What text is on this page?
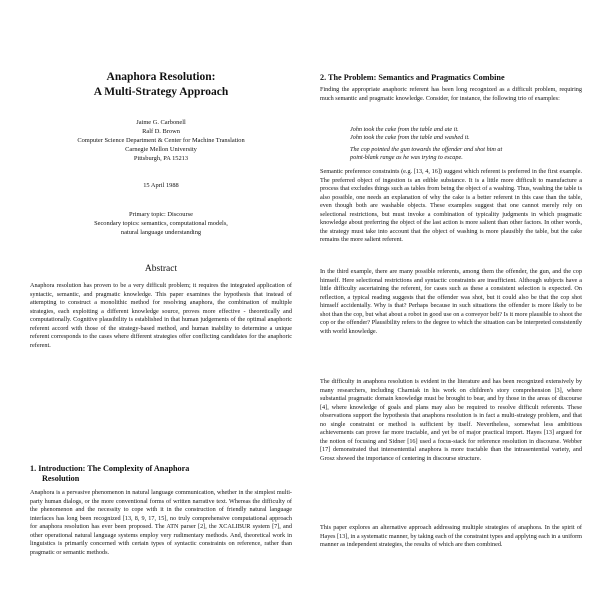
Anaphora Resolution:
A Multi-Strategy Approach
Jaime G. Carbonell
Ralf D. Brown
Computer Science Department & Center for Machine Translation
Carnegie Mellon University
Pittsburgh, PA 15213
15 April 1988
Primary topic: Discourse
Secondary topics: semantics, computational models,
natural language understanding
Abstract

Anaphora resolution has proven to be a very difficult problem; it requires the integrated application of syntactic, semantic, and pragmatic knowledge. This paper examines the hypothesis that instead of attempting to construct a monolithic method for resolving anaphora, the combination of multiple strategies, each exploiting a different knowledge source, proves more effective - theoretically and computationally. Cognitive plausibility is established in that human judgements of the optimal anaphoric referent accord with those of the strategy-based method, and human inability to determine a unique referent corresponds to the cases where different strategies offer conflicting candidates for the anaphoric referent.

1. Introduction: The Complexity of Anaphora
Resolution

Anaphora is a pervasive phenomenon in natural language communication, whether in the simplest multi-party human dialogs, or the more conventional forms of written narrative text. Whereas the difficulty of the phenomenon and the necessity to cope with it in the construction of friendly natural language interfaces has long been recognized [13, 8, 9, 17, 15], no truly comprehensive computational approach for anaphora resolution has ever been proposed. The ATN parser [2], the XCALIBUR system [7], and other operational natural language systems employ very rudimentary methods. And, theoretical work in linguistics is primarily concerned with certain types of syntactic constraints on reference, rather than pragmatic or semantic methods.

2. The Problem: Semantics and Pragmatics Combine

Finding the appropriate anaphoric referent has been long recognized as a difficult problem, requiring much semantic and pragmatic knowledge. Consider, for instance, the following trio of examples:

John took the cake from the table and ate it.
John took the cake from the table and washed it.
The cop pointed the gun towards the offender and shot him at
point-blank range as he was trying to escape.

Semantic preference constraints (e.g. [13, 4, 16]) suggest which referent is preferred in the first example. The preferred object of ingestion is an edible substance. It is a little more difficult to manufacture a process that excludes things such as tables from being the object of a washing. Thus, washing the table is also possible, one needs an explanation of why the cake is a better referent in this case than the table, even though both are washable objects. These examples suggest that one cannot merely rely on selectional restrictions, but must invoke a combination of typicality judgments in which pragmatic knowledge about preferring the object of the last action is more salient than other factors. In other words, the strategy must take into account that the object of washing is more plausibly the table, but the cake remains the more salient referent.

In the third example, there are many possible referents, among them the offender, the gun, and the cop himself. Here selectional restrictions and syntactic constraints are insufficient. Although subjects have a little difficulty ascertaining the referent, for cases such as these a consistent selection is expected. On reflection, a typical reading suggests that the offender was shot, but it could also be that the cop shot himself accidentally. Why is that? Perhaps because in such situations the offender is more likely to be shot than the cop, but what about a robot in good use on a conveyor belt? Is it more plausible to shoot the cop or the offender? Plausibility refers to the degree to which the situation can be interpreted consistently with world knowledge.

The difficulty in anaphora resolution is evident in the literature and has been recognized extensively by many researchers, including Charniak in his work on children's story comprehension [3], where substantial pragmatic domain knowledge must be brought to bear, and by those in the areas of discourse [4], where knowledge of goals and plans may also be required to resolve difficult referents. These observations support the hypothesis that anaphora resolution is in fact a multi-strategy problem, and that no single constraint or method is sufficient by itself. Nevertheless, somewhat less ambitious achievements can prove far more tractable, and yet be of major practical import. Hayes [13] argued for the notion of focusing and Sidner [16] used a focus-stack for reference resolution in discourse. Webber [17] demonstrated that intersentential anaphora is more tractable than the intrasentential variety, and Grosz showed the importance of centering in discourse structure.

This paper explores an alternative approach addressing multiple strategies of anaphora. In the spirit of Hayes [13], in a systematic manner, by taking each of the constraint types and applying each in a uniform manner as independent strategies, the results of which are then combined.
